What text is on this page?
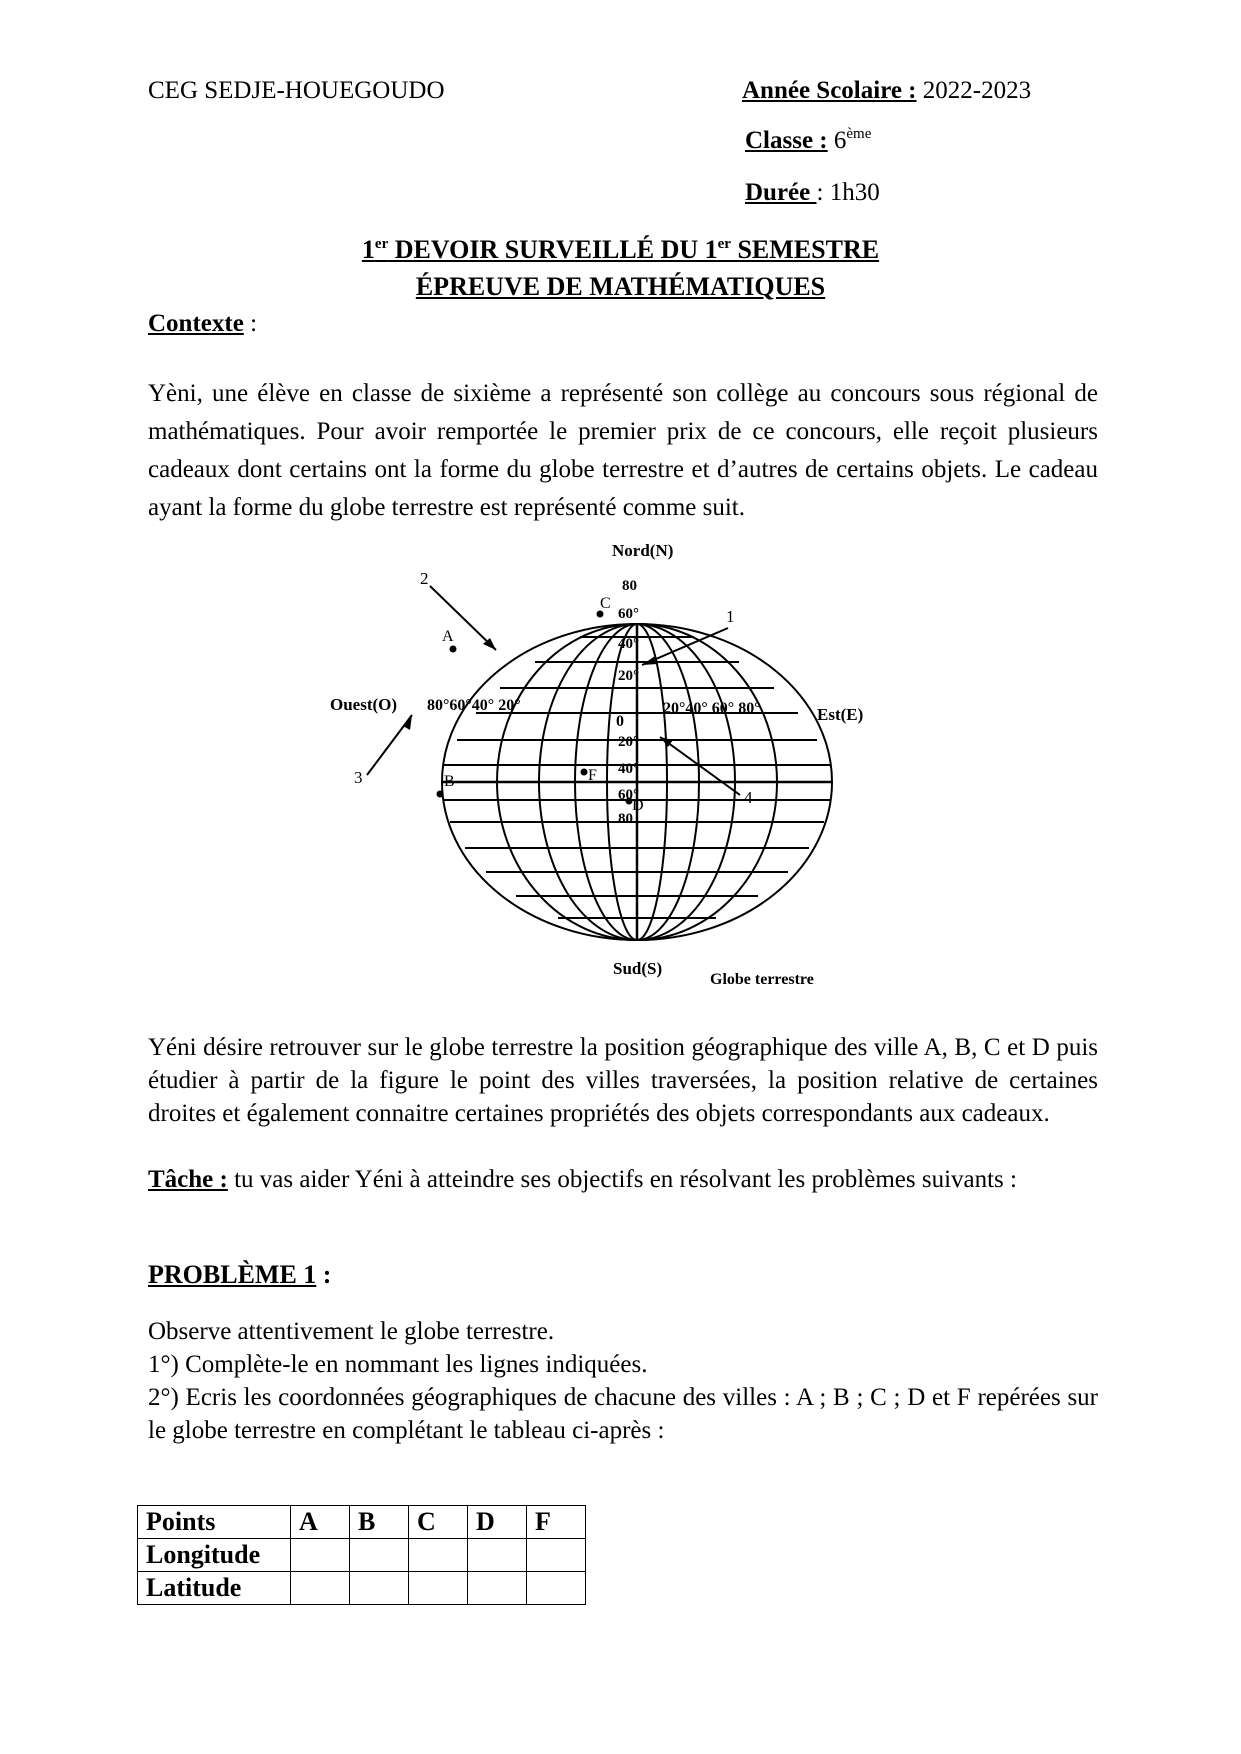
CEG SEDJE-HOUEGOUDO	Année Scolaire : 2022-2023
Classe : 6ème
Durée : 1h30
1er DEVOIR SURVEILLÉ DU 1er SEMESTRE
ÉPREUVE DE MATHÉMATIQUES
Contexte :
Yèni, une élève en classe de sixième a représenté son collège au concours sous régional de mathématiques. Pour avoir remportée le premier prix de ce concours, elle reçoit plusieurs cadeaux dont certains ont la forme du globe terrestre et d’autres de certains objets. Le cadeau ayant la forme du globe terrestre est représenté comme suit.
Nord(N)
Sud(S)
Ouest(O)
Est(E)
Globe terrestre
80°60°40° 20°	20°40° 60° 80°
0
80
60°
40°
20°
20°
40°
60°
80
1
2
3
4
A
B
C
D
F
Yéni désire retrouver sur le globe terrestre la position géographique des ville A, B, C et D puis étudier à partir de la figure le point des villes traversées, la position relative de certaines droites et également connaitre certaines propriétés des objets correspondants aux cadeaux.
Tâche : tu vas aider Yéni à atteindre ses objectifs en résolvant les problèmes suivants :
PROBLÈME 1 :
Observe attentivement le globe terrestre.
1°) Complète-le en nommant les lignes indiquées.
2°) Ecris les coordonnées géographiques de chacune des villes : A ; B ; C ; D et F repérées sur le globe terrestre en complétant le tableau ci-après :
Points	A	B	C	D	F
Longitude					
Latitude					
